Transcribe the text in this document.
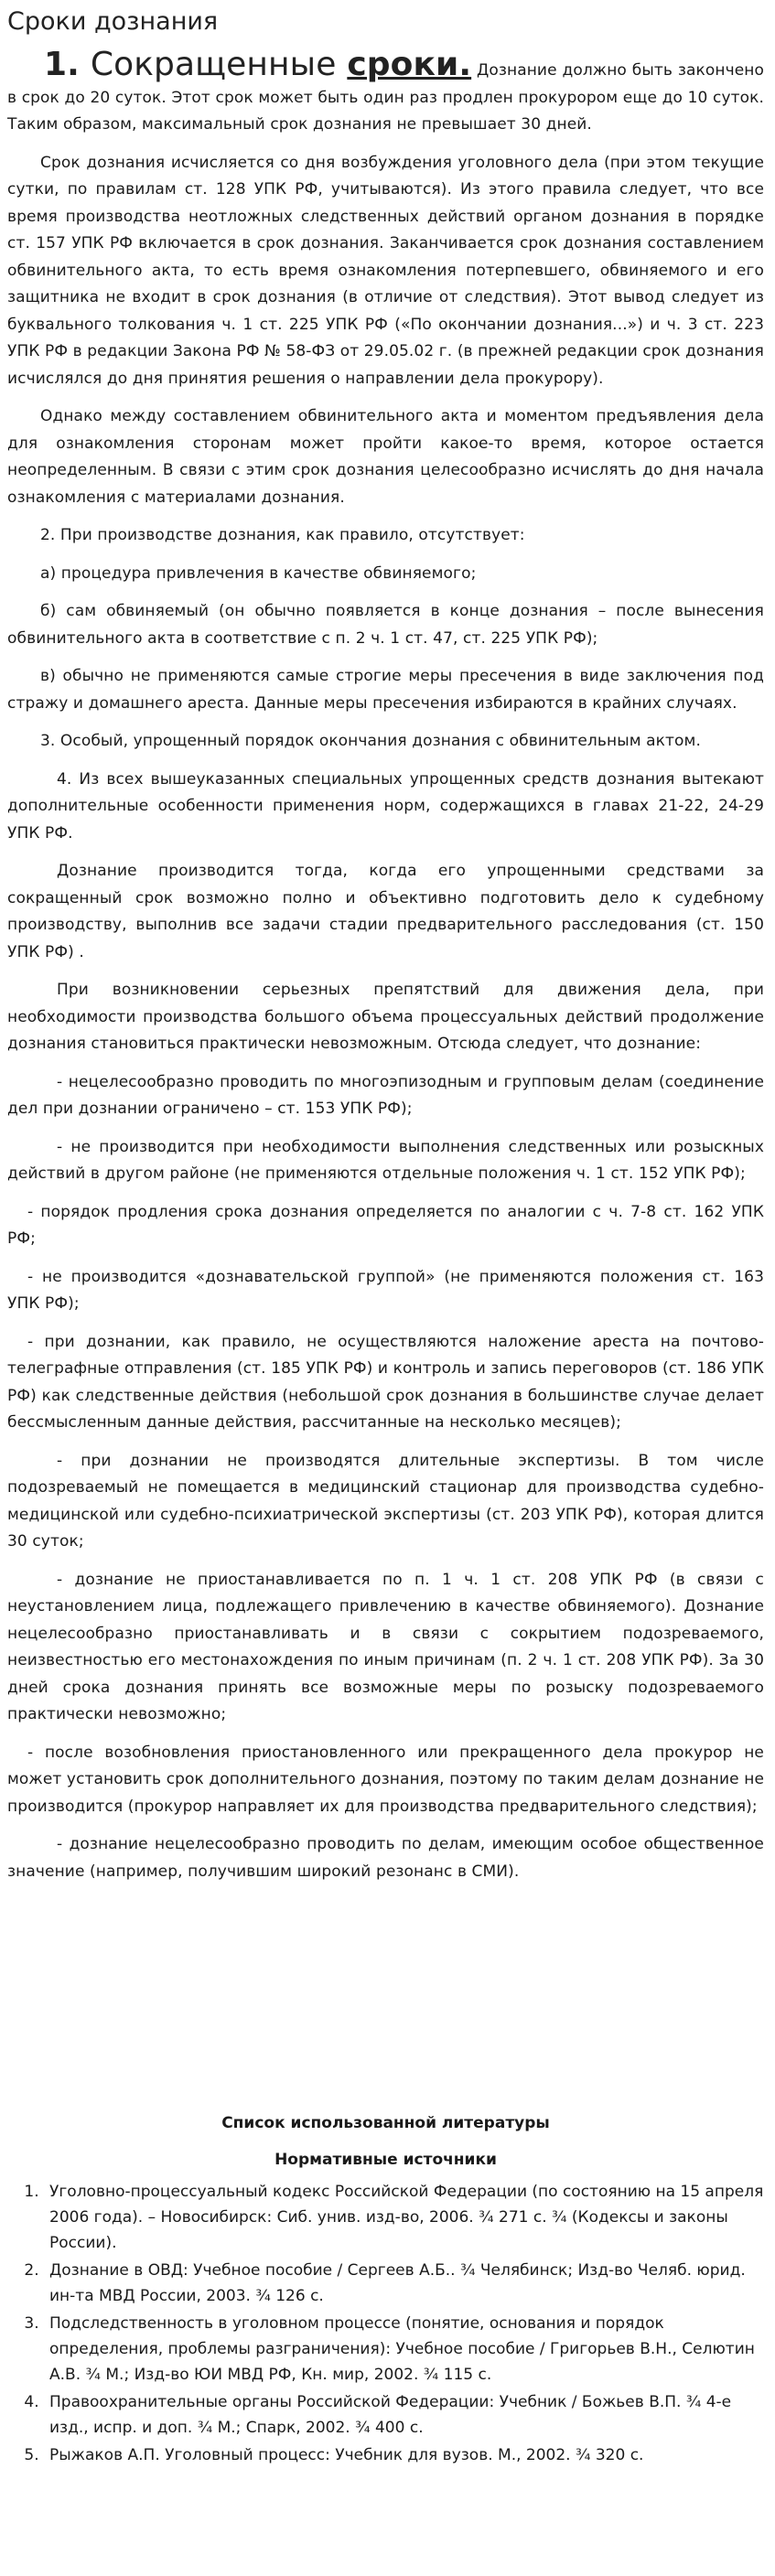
Сроки дознания
1. Сокращенные сроки. Дознание должно быть закончено в срок до 20 суток. Этот срок может быть один раз продлен прокурором еще до 10 суток. Таким образом, максимальный срок дознания не превышает 30 дней.

Срок дознания исчисляется со дня возбуждения уголовного дела (при этом текущие сутки, по правилам ст. 128 УПК РФ, учитываются). Из этого правила следует, что все время производства неотложных следственных действий органом дознания в порядке ст. 157 УПК РФ включается в срок дознания. Заканчивается срок дознания составлением обвинительного акта, то есть время ознакомления потерпевшего, обвиняемого и его защитника не входит в срок дознания (в отличие от следствия). Этот вывод следует из буквального толкования ч. 1 ст. 225 УПК РФ («По окончании дознания...») и ч. 3 ст. 223 УПК РФ в редакции Закона РФ № 58-ФЗ от 29.05.02 г. (в прежней редакции срок дознания исчислялся до дня принятия решения о направлении дела прокурору).

Однако между составлением обвинительного акта и моментом предъявления дела для ознакомления сторонам может пройти какое-то время, которое остается неопределенным. В связи с этим срок дознания целесообразно исчислять до дня начала ознакомления с материалами дознания.

2. При производстве дознания, как правило, отсутствует:

а) процедура привлечения в качестве обвиняемого;

б) сам обвиняемый (он обычно появляется в конце дознания – после вынесения обвинительного акта в соответствие с п. 2 ч. 1 ст. 47, ст. 225 УПК РФ);

в) обычно не применяются самые строгие меры пресечения в виде заключения под стражу и домашнего ареста. Данные меры пресечения избираются в крайних случаях.

3. Особый, упрощенный порядок окончания дознания с обвинительным актом.

4. Из всех вышеуказанных специальных упрощенных средств дознания вытекают дополнительные особенности применения норм, содержащихся в главах 21-22, 24-29 УПК РФ.

Дознание производится тогда, когда его упрощенными средствами за сокращенный срок возможно полно и объективно подготовить дело к судебному производству, выполнив все задачи стадии предварительного расследования (ст. 150 УПК РФ) .

При возникновении серьезных препятствий для движения дела, при необходимости производства большого объема процессуальных действий продолжение дознания становиться практически невозможным. Отсюда следует, что дознание:

- нецелесообразно проводить по многоэпизодным и групповым делам (соединение дел при дознании ограничено – ст. 153 УПК РФ);

- не производится при необходимости выполнения следственных или розыскных действий в другом районе (не применяются отдельные положения ч. 1 ст. 152 УПК РФ);

- порядок продления срока дознания определяется по аналогии с ч. 7-8 ст. 162 УПК РФ;

- не производится «дознавательской группой» (не применяются положения ст. 163 УПК РФ);

- при дознании, как правило, не осуществляются наложение ареста на почтово-телеграфные отправления (ст. 185 УПК РФ) и контроль и запись переговоров (ст. 186 УПК РФ) как следственные действия (небольшой срок дознания в большинстве случае делает бессмысленным данные действия, рассчитанные на несколько месяцев);

- при дознании не производятся длительные экспертизы. В том числе подозреваемый не помещается в медицинский стационар для производства судебно-медицинской или судебно-психиатрической экспертизы (ст. 203 УПК РФ), которая длится 30 суток;

- дознание не приостанавливается по п. 1 ч. 1 ст. 208 УПК РФ (в связи с неустановлением лица, подлежащего привлечению в качестве обвиняемого). Дознание нецелесообразно приостанавливать и в связи с сокрытием подозреваемого, неизвестностью его местонахождения по иным причинам (п. 2 ч. 1 ст. 208 УПК РФ). За 30 дней срока дознания принять все возможные меры по розыску подозреваемого практически невозможно;

- после возобновления приостановленного или прекращенного дела прокурор не может установить срок дополнительного дознания, поэтому по таким делам дознание не производится (прокурор направляет их для производства предварительного следствия);

- дознание нецелесообразно проводить по делам, имеющим особое общественное значение (например, получившим широкий резонанс в СМИ).

Список использованной литературы
Нормативные источники
1. Уголовно-процессуальный кодекс Российской Федерации (по состоянию на 15 апреля 2006 года). – Новосибирск: Сиб. унив. изд-во, 2006. ¾ 271 с. ¾ (Кодексы и законы России).
2. Дознание в ОВД: Учебное пособие / Сергеев А.Б.. ¾ Челябинск; Изд-во Челяб. юрид. ин-та МВД России, 2003. ¾ 126 с.
3. Подследственность в уголовном процессе (понятие, основания и порядок определения, проблемы разграничения): Учебное пособие / Григорьев В.Н., Селютин А.В. ¾ М.; Изд-во ЮИ МВД РФ, Кн. мир, 2002. ¾ 115 с.
4. Правоохранительные органы Российской Федерации: Учебник / Божьев В.П. ¾ 4-е изд., испр. и доп. ¾ М.; Спарк, 2002. ¾ 400 с.
5. Рыжаков А.П. Уголовный процесс: Учебник для вузов. М., 2002. ¾ 320 с.
